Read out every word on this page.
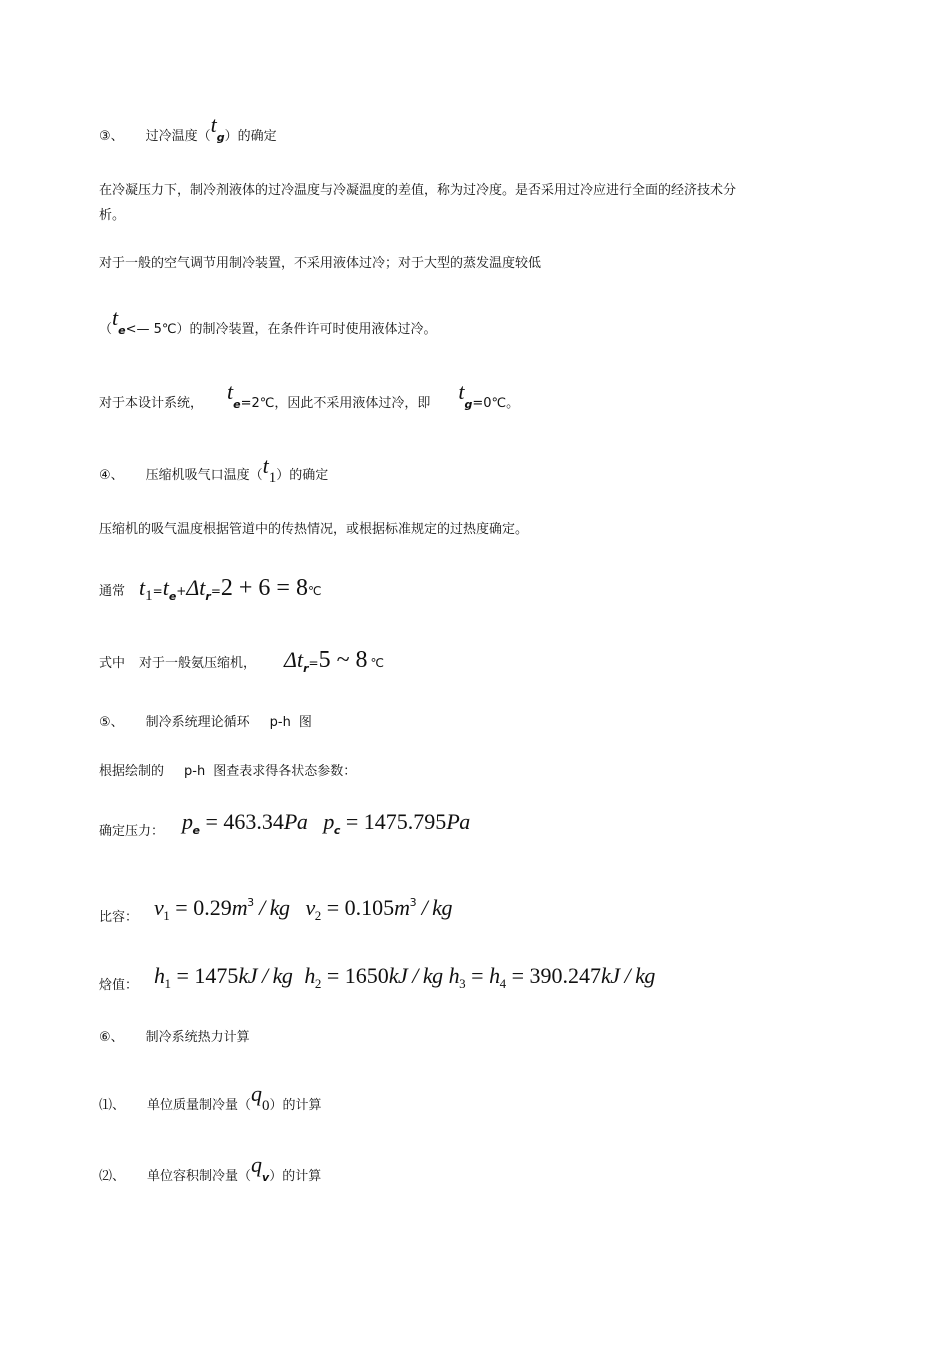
③、 过冷温度$(t_g)$的确定
在冷凝压力下，制冷剂液体的过冷温度与冷凝温度的差值，称为过冷度。是否采用过冷应进行全面的经济技术分析。
对于一般的空气调节用制冷装置，不采用液体过冷；对于大型的蒸发温度较低
（$t_e<—$ 5℃）的制冷装置，在条件许可时使用液体过冷。
对于本设计系统， $t_e=2℃$，因此不采用液体过冷，即 $t_g=0℃$。
④、 压缩机吸气口温度（t1）的确定
压缩机的吸气温度根据管道中的传热情况，或根据标准规定的过热度确定。
通常 $t1=t_e+\Delta t_r=2 + 6$ = 8℃
式中 对于一般氨压缩机， $\Delta t_r=5$ ~ 8 ℃
⑤、 制冷系统理论循环 p-h 图
根据绘制的 p-h 图查表求得各状态参数：
确定压力： $p_e = 463.34Pa$ $p_c = 1475.795Pa$
比容： $v1 = 0.29m^3$ / kg $v2 = 0.105m^3$ / kg
焓值： h1 = 1475kJ / kg h2 = 1650kJ / kg h3 = h4 = 390.247kJ / kg
⑥、 制冷系统热力计算
⑴、 单位质量制冷量（q0）的计算
⑵、 单位容积制冷量$(q_v)$的计算
